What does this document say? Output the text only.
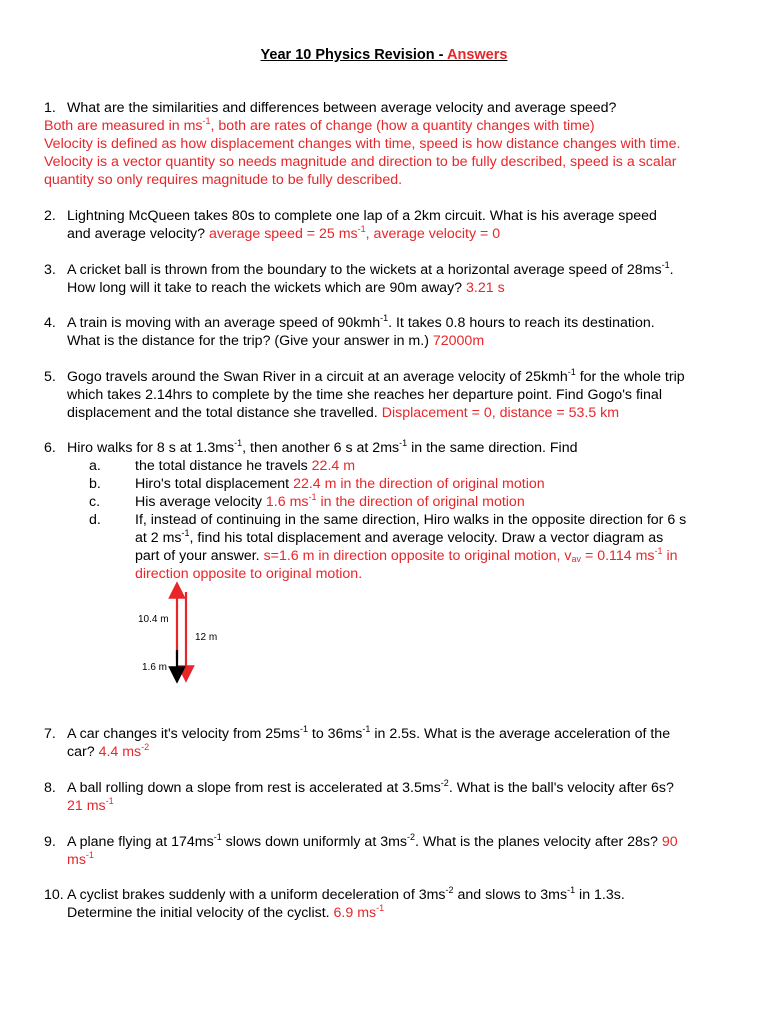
Year 10 Physics Revision - Answers
1. What are the similarities and differences between average velocity and average speed?
Both are measured in $ms^{-1}$, both are rates of change (how a quantity changes with time)
Velocity is defined as how displacement changes with time, speed is how distance changes with time.
Velocity is a vector quantity so needs magnitude and direction to be fully described, speed is a scalar
quantity so only requires magnitude to be fully described.
2. Lightning McQueen takes 80s to complete one lap of a 2km circuit. What is his average speed
and average velocity? average speed = 25 $ms^{-1}$, average velocity = 0
3. A cricket ball is thrown from the boundary to the wickets at a horizontal average speed of $28ms^{-1}$.
How long will it take to reach the wickets which are 90m away? 3.21 s
4. A train is moving with an average speed of 90kmh$^{-1}$. It takes 0.8 hours to reach its destination.
What is the distance for the trip? (Give your answer in m.) 72000m
5. Gogo travels around the Swan River in a circuit at an average velocity of 25kmh$^{-1}$ for the whole trip
which takes 2.14hrs to complete by the time she reaches her departure point. Find Gogo's final
displacement and the total distance she travelled. Displacement = 0, distance = 53.5 km
6. Hiro walks for 8 s at $1.3ms^{-1}$, then another 6 s at $2ms^{-1}$ in the same direction. Find
a. the total distance he travels 22.4 m
b. Hiro's total displacement 22.4 m in the direction of original motion
c. His average velocity 1.6 $ms^{-1}$ in the direction of original motion
d. If, instead of continuing in the same direction, Hiro walks in the opposite direction for 6 s
at 2 $ms^{-1}$, find his total displacement and average velocity. Draw a vector diagram as
part of your answer. s=1.6 m in direction opposite to original motion, $v_{av} = 0.114$ $ms^{-1}$ in
direction opposite to original motion.
10.4 m
12 m
1.6 m
7. A car changes it's velocity from $25ms^{-1}$ to $36ms^{-1}$ in 2.5s. What is the average acceleration of the
car? 4.4 $ms^{-2}$
8. A ball rolling down a slope from rest is accelerated at $3.5ms^{-2}$. What is the ball's velocity after 6s?
21 $ms^{-1}$
9. A plane flying at $174ms^{-1}$ slows down uniformly at $3ms^{-2}$. What is the planes velocity after 28s? 90
$ms^{-1}$
10. A cyclist brakes suddenly with a uniform deceleration of $3ms^{-2}$ and slows to $3ms^{-1}$ in 1.3s.
Determine the initial velocity of the cyclist. 6.9 $ms^{-1}$
